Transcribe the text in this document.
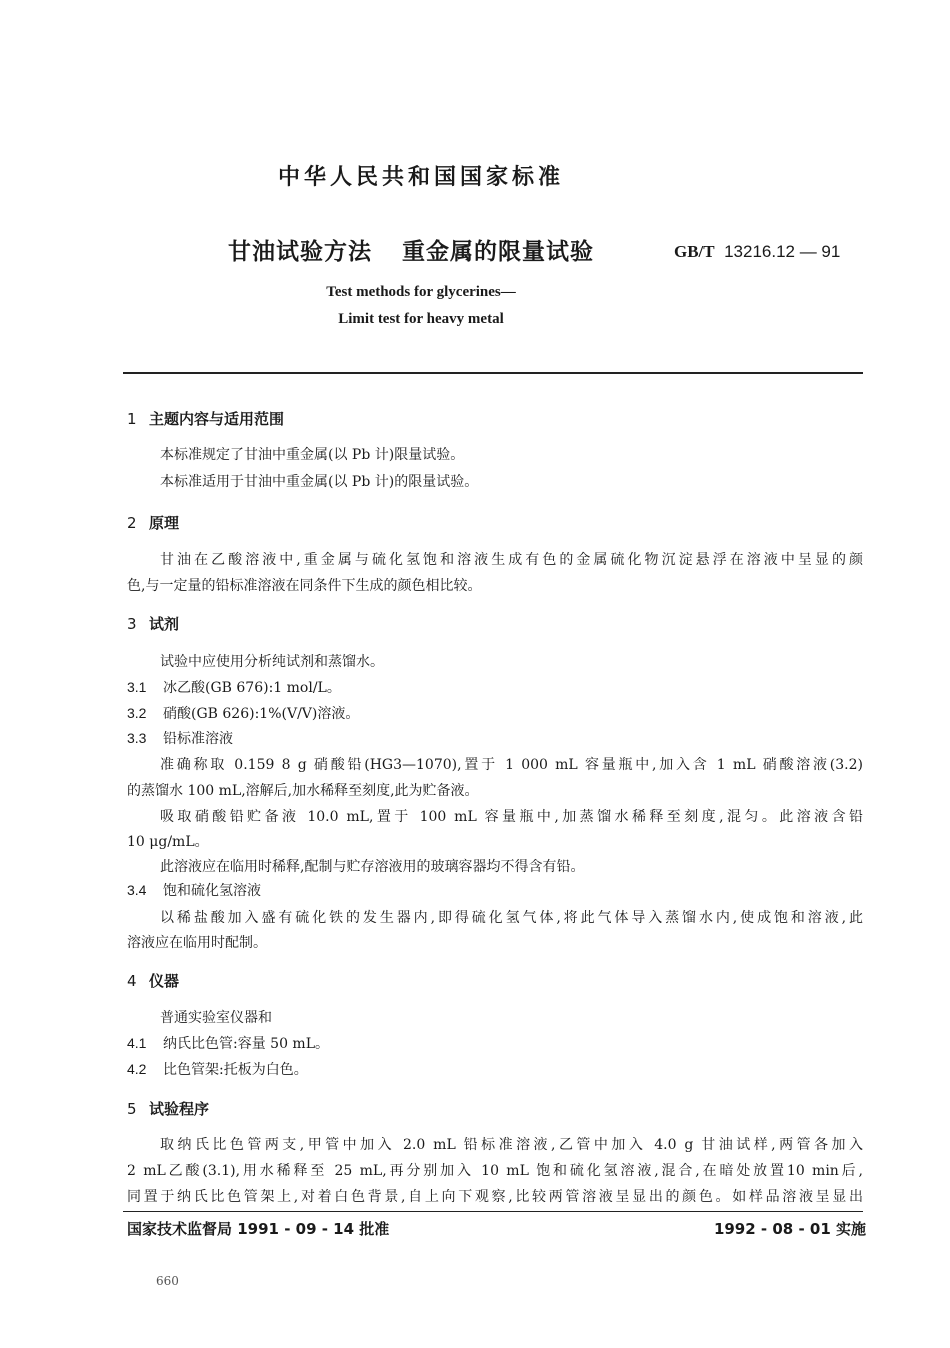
中华人民共和国国家标准
甘油试验方法 重金属的限量试验	GB/T 13216.12 — 91
Test methods for glycerines—
Limit test for heavy metal
1 主题内容与适用范围
本标准规定了甘油中重金属(以 Pb 计)限量试验。
本标准适用于甘油中重金属(以 Pb 计)的限量试验。
2 原理
甘油在乙酸溶液中,重金属与硫化氢饱和溶液生成有色的金属硫化物沉淀悬浮在溶液中呈显的颜
色,与一定量的铅标准溶液在同条件下生成的颜色相比较。
3 试剂
试验中应使用分析纯试剂和蒸馏水。
3.1 冰乙酸(GB 676):1 mol/L。
3.2 硝酸(GB 626):1%(V/V)溶液。
3.3 铅标准溶液
准确称取 0.159 8 g 硝酸铅(HG3—1070),置于 1 000 mL 容量瓶中,加入含 1 mL 硝酸溶液(3.2)
的蒸馏水 100 mL,溶解后,加水稀释至刻度,此为贮备液。
吸取硝酸铅贮备液 10.0 mL,置于 100 mL 容量瓶中,加蒸馏水稀释至刻度,混匀。此溶液含铅
10 μg/mL。
此溶液应在临用时稀释,配制与贮存溶液用的玻璃容器均不得含有铅。
3.4 饱和硫化氢溶液
以稀盐酸加入盛有硫化铁的发生器内,即得硫化氢气体,将此气体导入蒸馏水内,使成饱和溶液,此
溶液应在临用时配制。
4 仪器
普通实验室仪器和
4.1 纳氏比色管:容量 50 mL。
4.2 比色管架:托板为白色。
5 试验程序
取纳氏比色管两支,甲管中加入 2.0 mL 铅标准溶液,乙管中加入 4.0 g 甘油试样,两管各加入
2 mL乙酸(3.1),用水稀释至 25 mL,再分别加入 10 mL 饱和硫化氢溶液,混合,在暗处放置10 min后,
同置于纳氏比色管架上,对着白色背景,自上向下观察,比较两管溶液呈显出的颜色。如样品溶液呈显出
国家技术监督局 1991 - 09 - 14 批准	1992 - 08 - 01 实施
660
